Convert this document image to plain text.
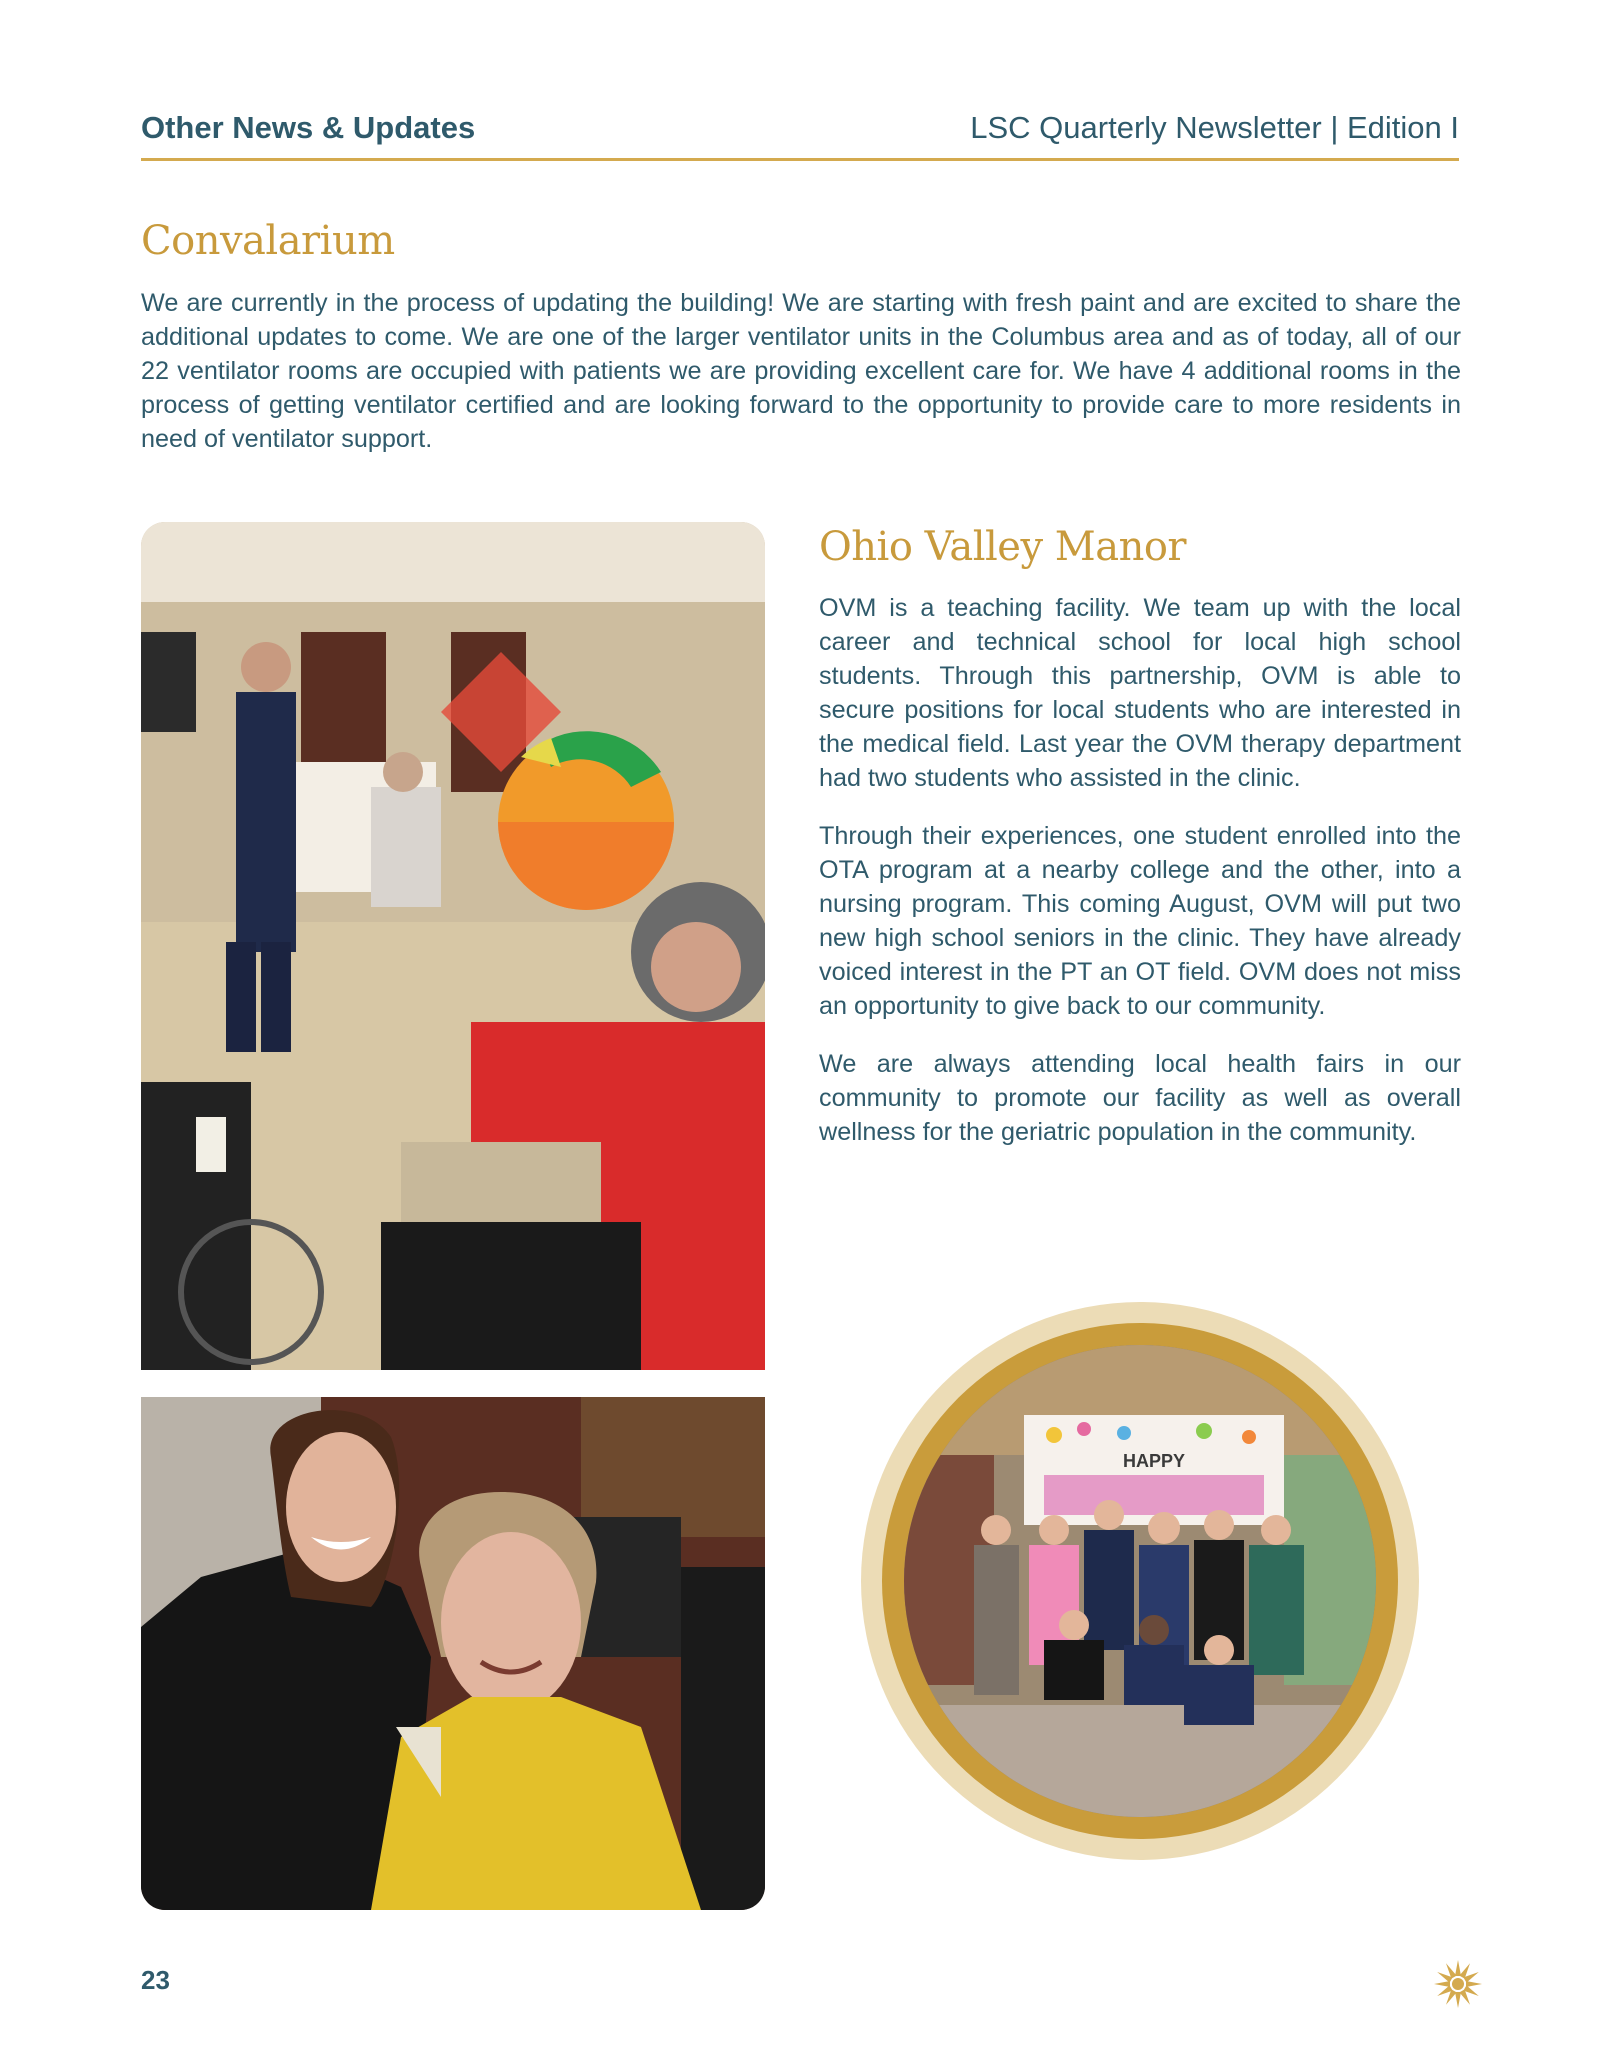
Other News & Updates	LSC Quarterly Newsletter | Edition I
Convalarium

We are currently in the process of updating the building! We are starting with fresh paint and are excited to share the additional updates to come. We are one of the larger ventilator units in the Columbus area and as of today, all of our 22 ventilator rooms are occupied with patients we are providing excellent care for. We have 4 additional rooms in the process of getting ventilator certified and are looking forward to the opportunity to provide care to more residents in need of ventilator support.

Ohio Valley Manor

OVM is a teaching facility. We team up with the local career and technical school for local high school students. Through this partnership, OVM is able to secure positions for local students who are interested in the medical field. Last year the OVM therapy department had two students who assisted in the clinic.

Through their experiences, one student enrolled into the OTA program at a nearby college and the other, into a nursing program. This coming August, OVM will put two new high school seniors in the clinic. They have already voiced interest in the PT an OT field. OVM does not miss an opportunity to give back to our community.

We are always attending local health fairs in our community to promote our facility as well as overall wellness for the geriatric population in the community.

HAPPY
23
